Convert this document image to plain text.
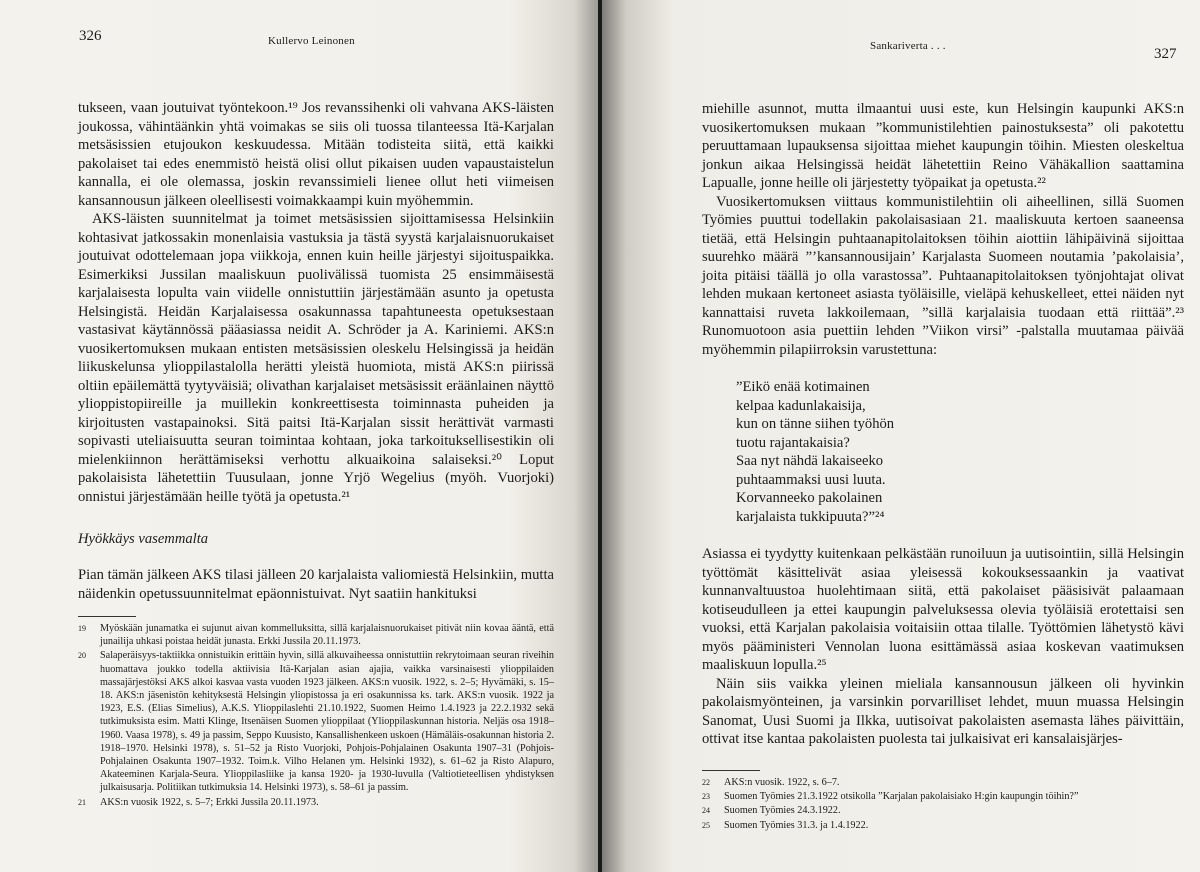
326	Kullervo Leinonen

tukseen, vaan joutuivat työntekoon.¹⁹ Jos revanssihenki oli vahvana AKS-läisten joukossa, vähintäänkin yhtä voimakas se siis oli tuossa tilanteessa Itä-Karjalan metsäsissien etujoukon keskuudessa. Mitään todisteita siitä, että kaikki pakolaiset tai edes enemmistö heistä olisi ollut pikaisen uuden vapaustaistelun kannalla, ei ole olemassa, joskin revanssimieli lienee ollut heti viimeisen kansannousun jälkeen oleellisesti voimakkaampi kuin myöhemmin.

AKS-läisten suunnitelmat ja toimet metsäsissien sijoittamisessa Helsinkiin kohtasivat jatkossakin monenlaisia vastuksia ja tästä syystä karjalaisnuorukaiset joutuivat odottelemaan jopa viikkoja, ennen kuin heille järjestyi sijoituspaikka. Esimerkiksi Jussilan maaliskuun puolivälissä tuomista 25 ensimmäisestä karjalaisesta lopulta vain viidelle onnistuttiin järjestämään asunto ja opetusta Helsingistä. Heidän Karjalaisessa osakunnassa tapahtuneesta opetuksestaan vastasivat käytännössä pääasiassa neidit A. Schröder ja A. Kariniemi. AKS:n vuosikertomuksen mukaan entisten metsäsissien oleskelu Helsingissä ja heidän liikuskelunsa ylioppilastalolla herätti yleistä huomiota, mistä AKS:n piirissä oltiin epäilemättä tyytyväisiä; olivathan karjalaiset metsäsissit eräänlainen näyttö ylioppistopiireille ja muillekin konkreettisesta toiminnasta puheiden ja kirjoitusten vastapainoksi. Sitä paitsi Itä-Karjalan sissit herättivät varmasti sopivasti uteliaisuutta seuran toimintaa kohtaan, joka tarkoituksellisestikin oli mielenkiinnon herättämiseksi verhottu alkuaikoina salaiseksi.²⁰ Loput pakolaisista lähetettiin Tuusulaan, jonne Yrjö Wegelius (myöh. Vuorjoki) onnistui järjestämään heille työtä ja opetusta.²¹

Hyökkäys vasemmalta

Pian tämän jälkeen AKS tilasi jälleen 20 karjalaista valiomiestä Helsinkiin, mutta näidenkin opetussuunnitelmat epäonnistuivat. Nyt saatiin hankituksi

19 Myöskään junamatka ei sujunut aivan kommelluksitta, sillä karjalaisnuorukaiset pitivät niin kovaa ääntä, että junailija uhkasi poistaa heidät junasta. Erkki Jussila 20.11.1973.
20 Salaperäisyys-taktiikka onnistuikin erittäin hyvin, sillä alkuvaiheessa onnistuttiin rekrytoimaan seuran riveihin huomattava joukko todella aktiivisia Itä-Karjalan asian ajajia, vaikka varsinaisesti ylioppilaiden massajärjestöksi AKS alkoi kasvaa vasta vuoden 1923 jälkeen. AKS:n vuosik. 1922, s. 2–5; Hyvämäki, s. 15–18. AKS:n jäsenistön kehityksestä Helsingin yliopistossa ja eri osakunnissa ks. tark. AKS:n vuosik. 1922 ja 1923, E.S. (Elias Simelius), A.K.S. Ylioppilaslehti 21.10.1922, Suomen Heimo 1.4.1923 ja 22.2.1932 sekä tutkimuksista esim. Matti Klinge, Itsenäisen Suomen ylioppilaat (Ylioppilaskunnan historia. Neljäs osa 1918–1960. Vaasa 1978), s. 49 ja passim, Seppo Kuusisto, Kansallishenkeen uskoen (Hämäläis-osakunnan historia 2. 1918–1970. Helsinki 1978), s. 51–52 ja Risto Vuorjoki, Pohjois-Pohjalainen Osakunta 1907–31 (Pohjois-Pohjalainen Osakunta 1907–1932. Toim.k. Vilho Helanen ym. Helsinki 1932), s. 61–62 ja Risto Alapuro, Akateeminen Karjala-Seura. Ylioppilasliike ja kansa 1920- ja 1930-luvulla (Valtiotieteellisen yhdistyksen julkaisusarja. Politiikan tutkimuksia 14. Helsinki 1973), s. 58–61 ja passim.
21 AKS:n vuosik 1922, s. 5–7; Erkki Jussila 20.11.1973.
Sankariverta . . .	327

miehille asunnot, mutta ilmaantui uusi este, kun Helsingin kaupunki AKS:n vuosikertomuksen mukaan ”kommunistilehtien painostuksesta” oli pakotettu peruuttamaan lupauksensa sijoittaa miehet kaupungin töihin. Miesten oleskeltua jonkun aikaa Helsingissä heidät lähetettiin Reino Vähäkallion saattamina Lapualle, jonne heille oli järjestetty työpaikat ja opetusta.²²

Vuosikertomuksen viittaus kommunistilehtiin oli aiheellinen, sillä Suomen Työmies puuttui todellakin pakolaisasiaan 21. maaliskuuta kertoen saaneensa tietää, että Helsingin puhtaanapitolaitoksen töihin aiottiin lähipäivinä sijoittaa suurehko määrä ”’kansannousijain’ Karjalasta Suomeen noutamia ’pakolaisia’, joita pitäisi täällä jo olla varastossa”. Puhtaanapitolaitoksen työnjohtajat olivat lehden mukaan kertoneet asiasta työläisille, vieläpä kehuskelleet, ettei näiden nyt kannattaisi ruveta lakkoilemaan, ”sillä karjalaisia tuodaan että riittää”.²³ Runomuotoon asia puettiin lehden ”Viikon virsi” -palstalla muutamaa päivää myöhemmin pilapiirroksin varustettuna:

”Eikö enää kotimainen
kelpaa kadunlakaisija,
kun on tänne siihen työhön
tuotu rajantakaisia?
Saa nyt nähdä lakaiseeko
puhtaammaksi uusi luuta.
Korvanneeko pakolainen
karjalaista tukkipuuta?”²⁴

Asiassa ei tyydytty kuitenkaan pelkästään runoiluun ja uutisointiin, sillä Helsingin työttömät käsittelivät asiaa yleisessä kokouksessaankin ja vaativat kunnanvaltuustoa huolehtimaan siitä, että pakolaiset pääsisivät palaamaan kotiseudulleen ja ettei kaupungin palveluksessa olevia työläisiä erotettaisi sen vuoksi, että Karjalan pakolaisia voitaisiin ottaa tilalle. Työttömien lähetystö kävi myös pääministeri Vennolan luona esittämässä asiaa koskevan vaatimuksen maaliskuun lopulla.²⁵

Näin siis vaikka yleinen mieliala kansannousun jälkeen oli hyvinkin pakolaismyönteinen, ja varsinkin porvarilliset lehdet, muun muassa Helsingin Sanomat, Uusi Suomi ja Ilkka, uutisoivat pakolaisten asemasta lähes päivittäin, ottivat itse kantaa pakolaisten puolesta tai julkaisivat eri kansalaisjärjes-

22 AKS:n vuosik. 1922, s. 6–7.
23 Suomen Työmies 21.3.1922 otsikolla ”Karjalan pakolaisiako H:gin kaupungin töihin?”
24 Suomen Työmies 24.3.1922.
25 Suomen Työmies 31.3. ja 1.4.1922.
